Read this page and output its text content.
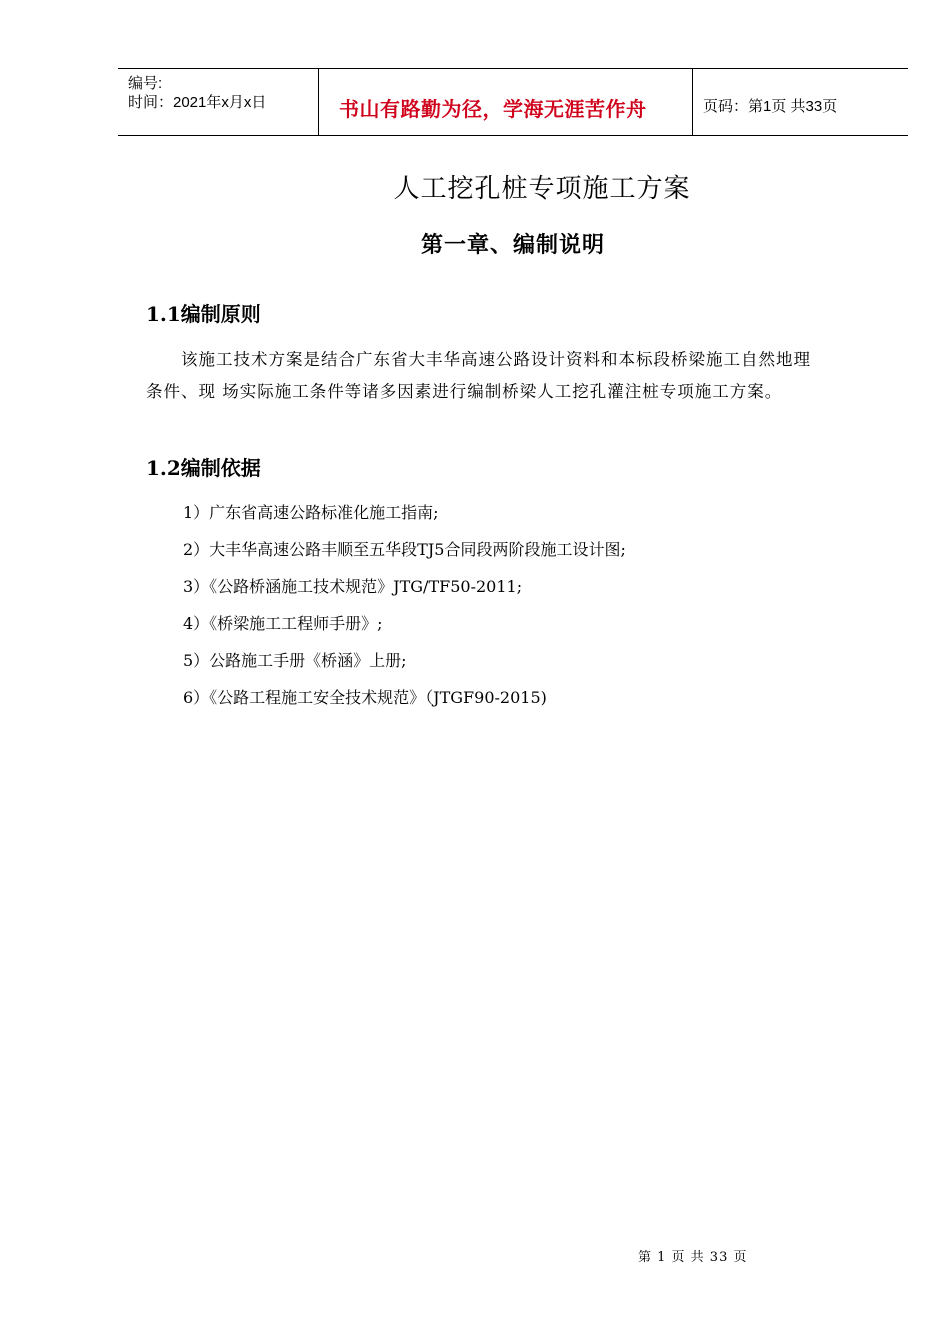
编号:
时间：2021年x月x日	书山有路勤为径，学海无涯苦作舟	页码：第1页 共33页
人工挖孔桩专项施工方案
第一章、编制说明
1.1编制原则
该施工技术方案是结合广东省大丰华高速公路设计资料和本标段桥梁施工自然地理
条件、现 场实际施工条件等诸多因素进行编制桥梁人工挖孔灌注桩专项施工方案。
1.2编制依据
1）广东省高速公路标准化施工指南;
2）大丰华高速公路丰顺至五华段TJ5合同段两阶段施工设计图;
3）《公路桥涵施工技术规范》JTG/TF50-2011;
4）《桥梁施工工程师手册》;
5）公路施工手册《桥涵》上册;
6）《公路工程施工安全技术规范》（JTGF90-2015)
第 1 页 共 33 页
